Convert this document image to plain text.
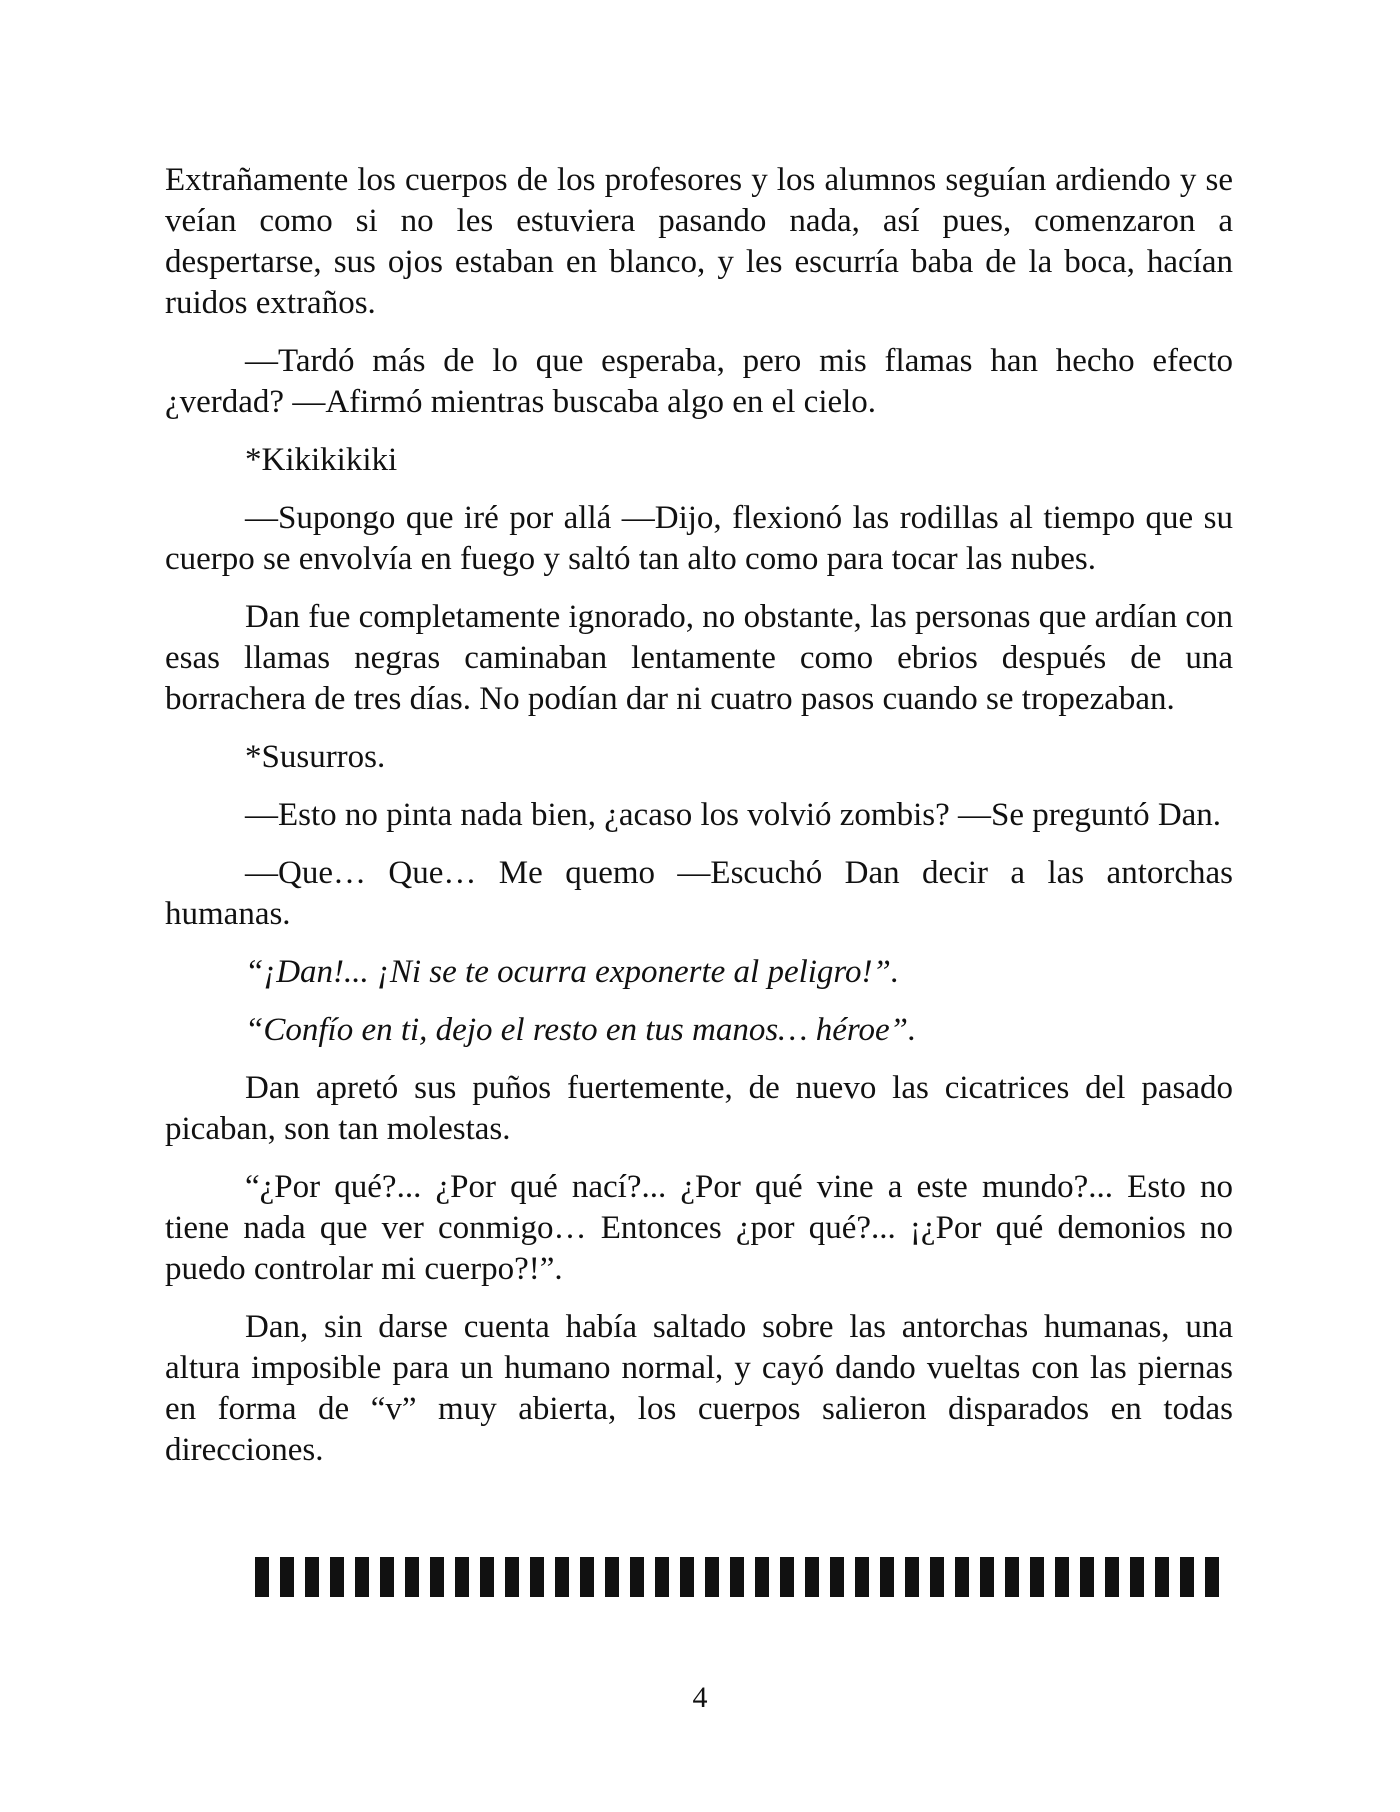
Extrañamente los cuerpos de los profesores y los alumnos seguían ardiendo y se veían como si no les estuviera pasando nada, así pues, comenzaron a despertarse, sus ojos estaban en blanco, y les escurría baba de la boca, hacían ruidos extraños.

—Tardó más de lo que esperaba, pero mis flamas han hecho efecto ¿verdad? —Afirmó mientras buscaba algo en el cielo.

*Kikikikiki

—Supongo que iré por allá —Dijo, flexionó las rodillas al tiempo que su cuerpo se envolvía en fuego y saltó tan alto como para tocar las nubes.

Dan fue completamente ignorado, no obstante, las personas que ardían con esas llamas negras caminaban lentamente como ebrios después de una borrachera de tres días. No podían dar ni cuatro pasos cuando se tropezaban.

*Susurros.

—Esto no pinta nada bien, ¿acaso los volvió zombis? —Se preguntó Dan.

—Que… Que… Me quemo —Escuchó Dan decir a las antorchas humanas.

“¡Dan!... ¡Ni se te ocurra exponerte al peligro!”.

“Confío en ti, dejo el resto en tus manos… héroe”.

Dan apretó sus puños fuertemente, de nuevo las cicatrices del pasado picaban, son tan molestas.

“¿Por qué?... ¿Por qué nací?... ¿Por qué vine a este mundo?... Esto no tiene nada que ver conmigo… Entonces ¿por qué?... ¡¿Por qué demonios no puedo controlar mi cuerpo?!”.

Dan, sin darse cuenta había saltado sobre las antorchas humanas, una altura imposible para un humano normal, y cayó dando vueltas con las piernas en forma de “v” muy abierta, los cuerpos salieron disparados en todas direcciones.

4
